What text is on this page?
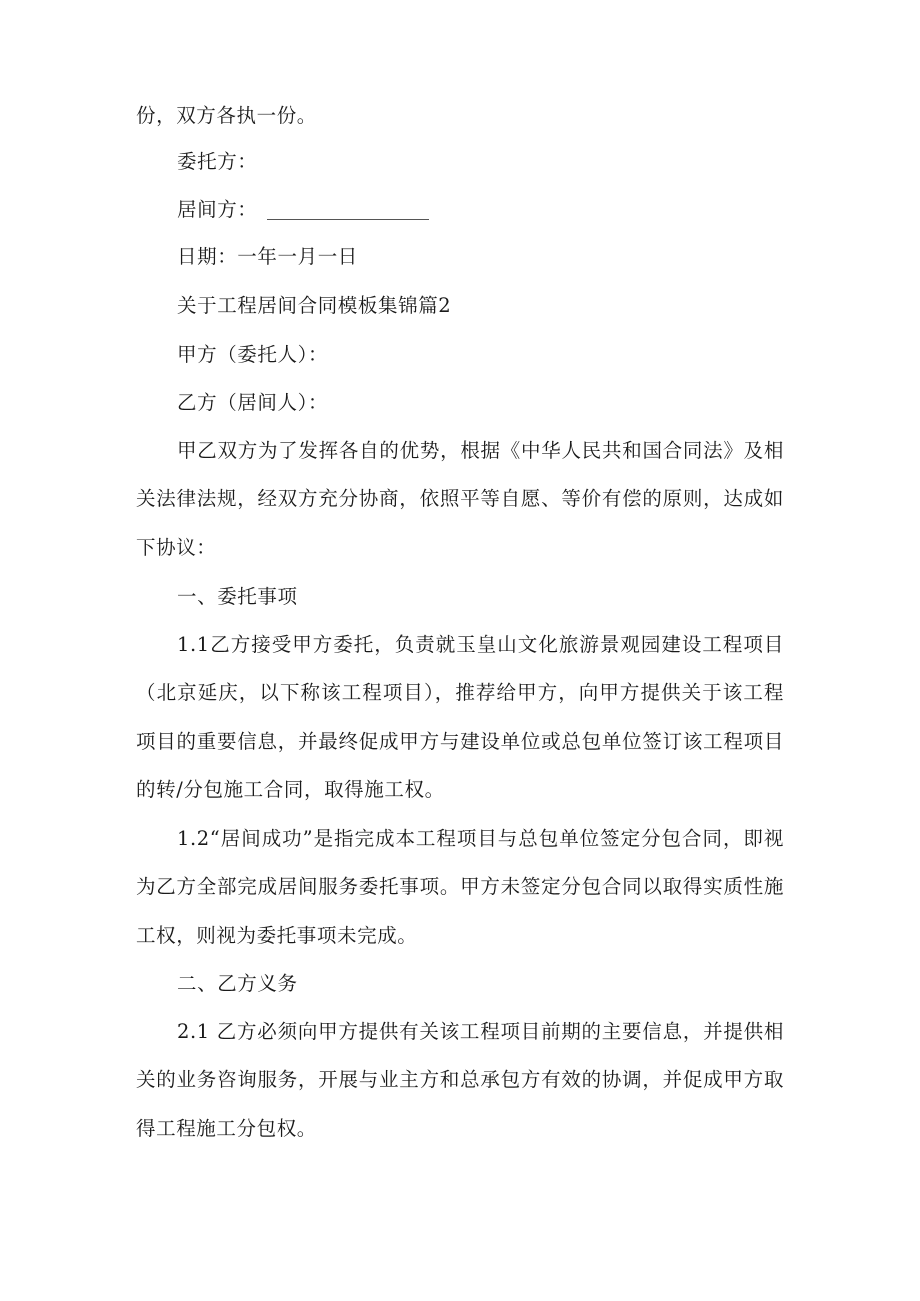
份，双方各执一份。
委托方：
居间方：
日期：一年一月一日
关于工程居间合同模板集锦篇2
甲方（委托人）：
乙方（居间人）：

甲乙双方为了发挥各自的优势，根据《中华人民共和国合同法》及相关法律法规，经双方充分协商，依照平等自愿、等价有偿的原则，达成如下协议：

一、委托事项

1.1乙方接受甲方委托，负责就玉皇山文化旅游景观园建设工程项目（北京延庆，以下称该工程项目），推荐给甲方，向甲方提供关于该工程项目的重要信息，并最终促成甲方与建设单位或总包单位签订该工程项目的转/分包施工合同，取得施工权。

1.2“居间成功”是指完成本工程项目与总包单位签定分包合同，即视为乙方全部完成居间服务委托事项。甲方未签定分包合同以取得实质性施工权，则视为委托事项未完成。

二、乙方义务

2.1 乙方必须向甲方提供有关该工程项目前期的主要信息，并提供相关的业务咨询服务，开展与业主方和总承包方有效的协调，并促成甲方取得工程施工分包权。
